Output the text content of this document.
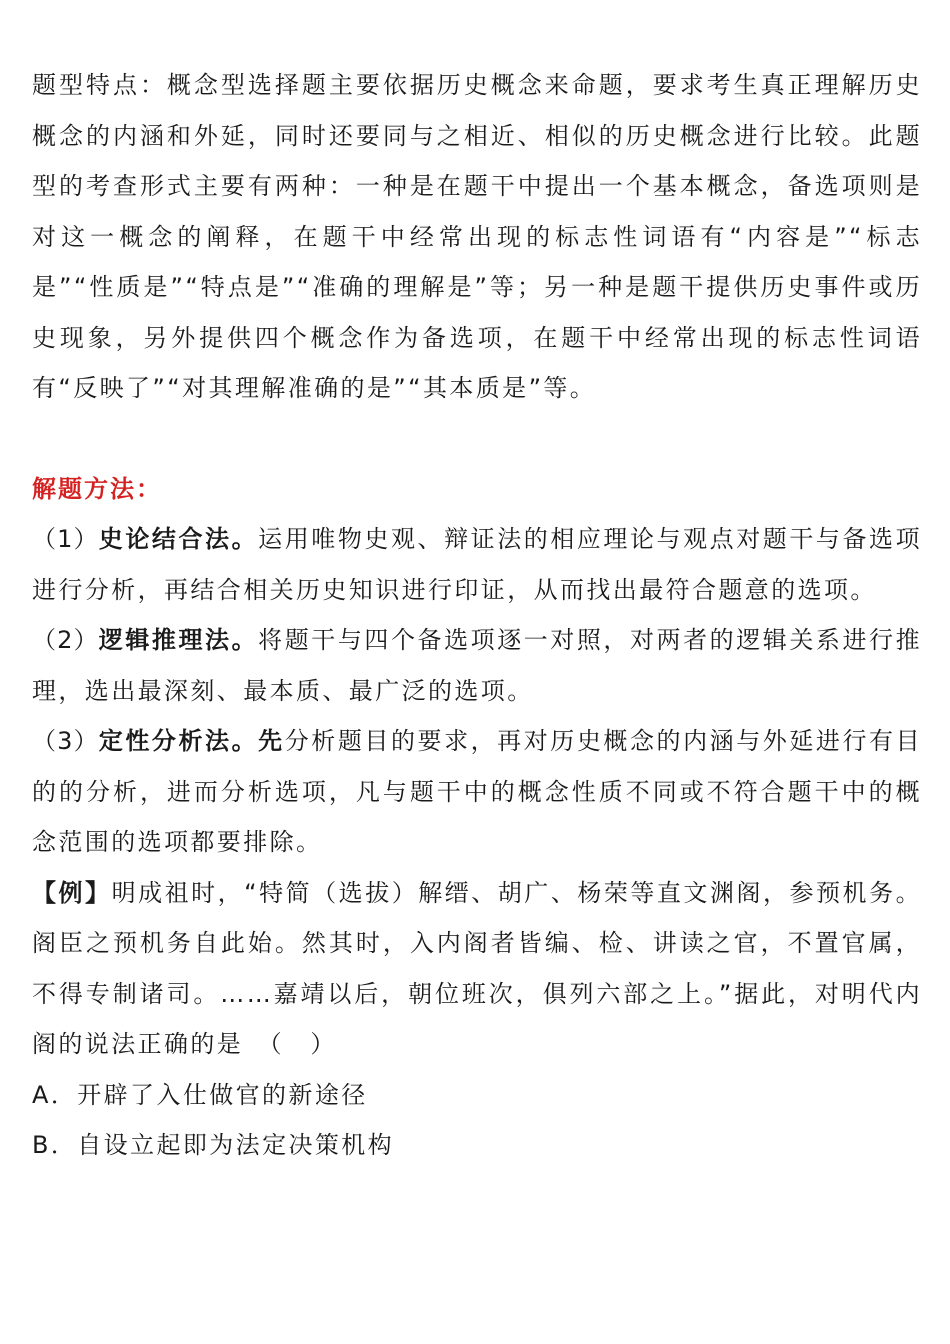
题型特点：概念型选择题主要依据历史概念来命题，要求考生真正理解历史概念的内涵和外延，同时还要同与之相近、相似的历史概念进行比较。此题型的考查形式主要有两种：一种是在题干中提出一个基本概念，备选项则是对这一概念的阐释，在题干中经常出现的标志性词语有“内容是”“标志是”“性质是”“特点是”“准确的理解是”等；另一种是题干提供历史事件或历史现象，另外提供四个概念作为备选项，在题干中经常出现的标志性词语有“反映了”“对其理解准确的是”“其本质是”等。

解题方法：

（1）史论结合法。运用唯物史观、辩证法的相应理论与观点对题干与备选项进行分析，再结合相关历史知识进行印证，从而找出最符合题意的选项。

（2）逻辑推理法。将题干与四个备选项逐一对照，对两者的逻辑关系进行推理，选出最深刻、最本质、最广泛的选项。

（3）定性分析法。先分析题目的要求，再对历史概念的内涵与外延进行有目的的分析，进而分析选项，凡与题干中的概念性质不同或不符合题干中的概念范围的选项都要排除。

【例】明成祖时，“特简（选拔）解缙、胡广、杨荣等直文渊阁，参预机务。阁臣之预机务自此始。然其时，入内阁者皆编、检、讲读之官，不置官属，不得专制诸司。……嘉靖以后，朝位班次，俱列六部之上。”据此，对明代内阁的说法正确的是　（　）

A．开辟了入仕做官的新途径

B．自设立起即为法定决策机构
